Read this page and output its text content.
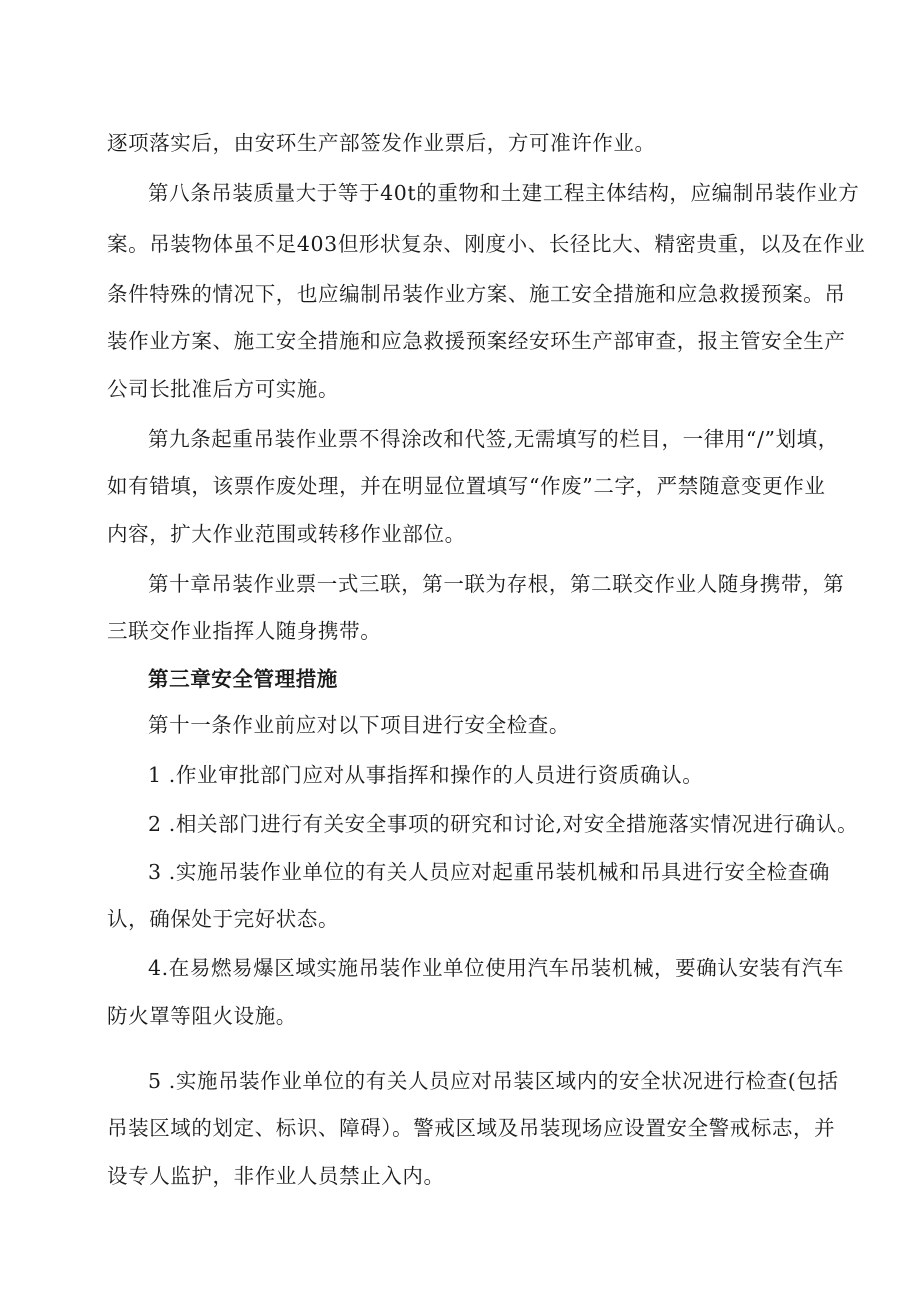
逐项落实后，由安环生产部签发作业票后，方可准许作业。
第八条吊装质量大于等于40t的重物和土建工程主体结构，应编制吊装作业方
案。吊装物体虽不足403但形状复杂、刚度小、长径比大、精密贵重，以及在作业
条件特殊的情况下，也应编制吊装作业方案、施工安全措施和应急救援预案。吊
装作业方案、施工安全措施和应急救援预案经安环生产部审查，报主管安全生产
公司长批准后方可实施。
第九条起重吊装作业票不得涂改和代签,无需填写的栏目，一律用“/”划填，
如有错填，该票作废处理，并在明显位置填写“作废”二字，严禁随意变更作业
内容，扩大作业范围或转移作业部位。
第十章吊装作业票一式三联，第一联为存根，第二联交作业人随身携带，第
三联交作业指挥人随身携带。
第三章安全管理措施
第十一条作业前应对以下项目进行安全检查。
1 .作业审批部门应对从事指挥和操作的人员进行资质确认。
2 .相关部门进行有关安全事项的研究和讨论,对安全措施落实情况进行确认。
3 .实施吊装作业单位的有关人员应对起重吊装机械和吊具进行安全检查确
认，确保处于完好状态。
4.在易燃易爆区域实施吊装作业单位使用汽车吊装机械，要确认安装有汽车
防火罩等阻火设施。
5 .实施吊装作业单位的有关人员应对吊装区域内的安全状况进行检查(包括
吊装区域的划定、标识、障碍）。警戒区域及吊装现场应设置安全警戒标志，并
设专人监护，非作业人员禁止入内。
